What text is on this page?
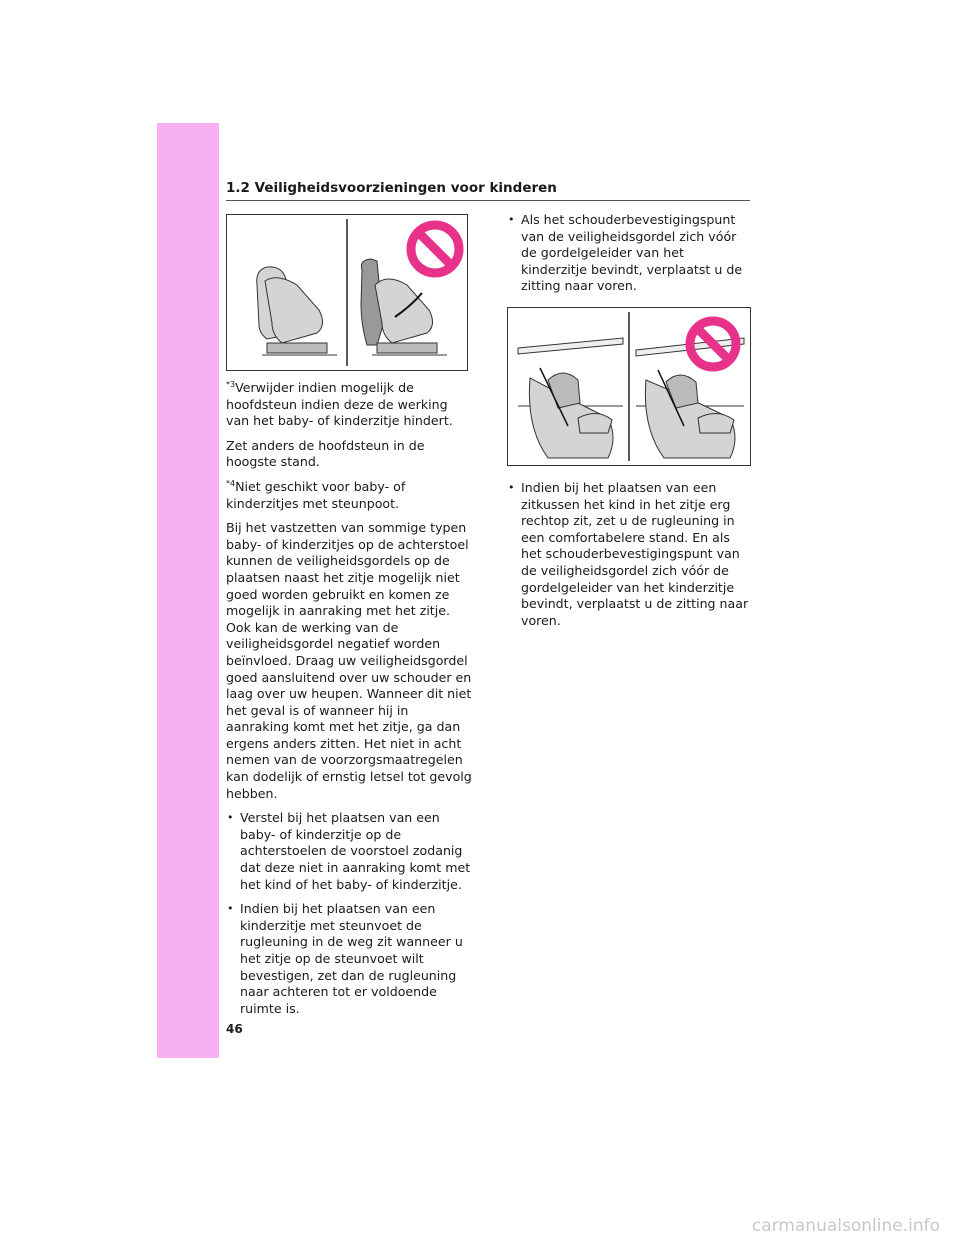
1.2 Veiligheidsvoorzieningen voor kinderen

$^{*3}$Verwijder indien mogelijk de hoofdsteun indien deze de werking van het baby- of kinderzitje hindert.

Zet anders de hoofdsteun in de hoogste stand.

$^{*4}$Niet geschikt voor baby- of kinderzitjes met steunpoot.

Bij het vastzetten van sommige typen baby- of kinderzitjes op de achterstoel kunnen de veiligheidsgordels op de plaatsen naast het zitje mogelijk niet goed worden gebruikt en komen ze mogelijk in aanraking met het zitje. Ook kan de werking van de veiligheidsgordel negatief worden beïnvloed. Draag uw veiligheidsgordel goed aansluitend over uw schouder en laag over uw heupen. Wanneer dit niet het geval is of wanneer hij in aanraking komt met het zitje, ga dan ergens anders zitten. Het niet in acht nemen van de voorzorgsmaatregelen kan dodelijk of ernstig letsel tot gevolg hebben.

• Verstel bij het plaatsen van een baby- of kinderzitje op de achterstoelen de voorstoel zodanig dat deze niet in aanraking komt met het kind of het baby- of kinderzitje.
• Indien bij het plaatsen van een kinderzitje met steunvoet de rugleuning in de weg zit wanneer u het zitje op de steunvoet wilt bevestigen, zet dan de rugleuning naar achteren tot er voldoende ruimte is.
• Als het schouderbevestigingspunt van de veiligheidsgordel zich vóór de gordelgeleider van het kinderzitje bevindt, verplaatst u de zitting naar voren.
• Indien bij het plaatsen van een zitkussen het kind in het zitje erg rechtop zit, zet u de rugleuning in een comfortabelere stand. En als het schouderbevestigingspunt van de veiligheidsgordel zich vóór de gordelgeleider van het kinderzitje bevindt, verplaatst u de zitting naar voren.
46
carmanualsonline.info
